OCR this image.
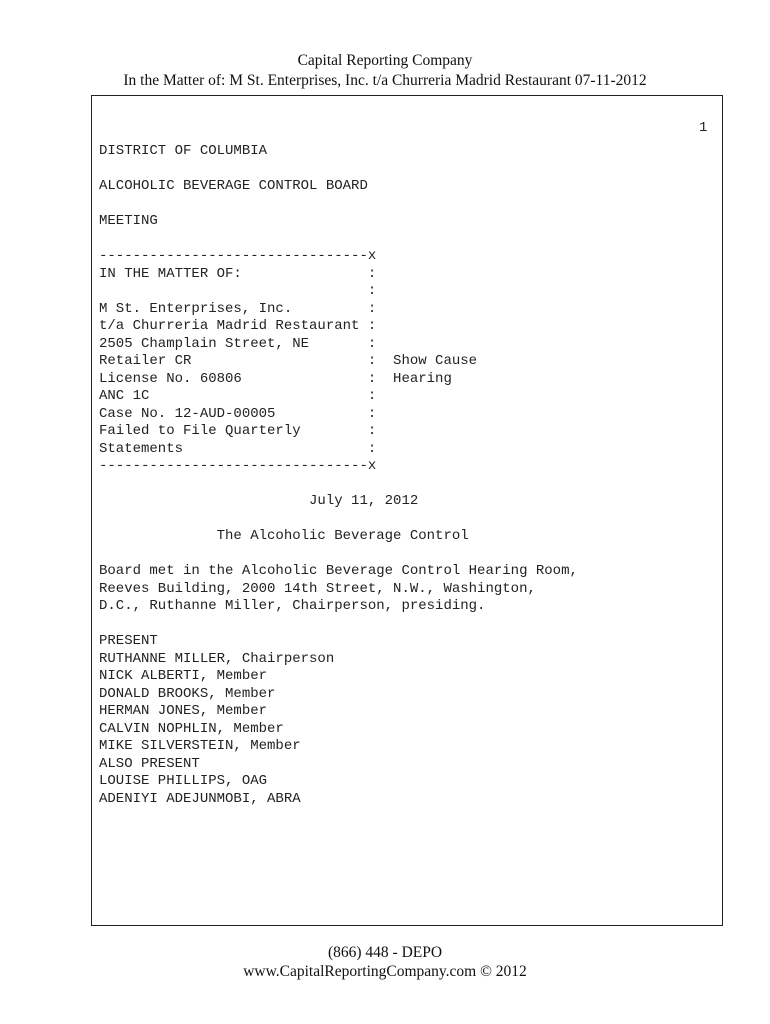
Capital Reporting Company
In the Matter of: M St. Enterprises, Inc. t/a Churreria Madrid Restaurant 07-11-2012
1
DISTRICT OF COLUMBIA
ALCOHOLIC BEVERAGE CONTROL BOARD
MEETING
--------------------------------x
IN THE MATTER OF:               :
:
M St. Enterprises, Inc.         :
t/a Churreria Madrid Restaurant :
2505 Champlain Street, NE       :
Retailer CR                     :  Show Cause
License No. 60806               :  Hearing
ANC 1C                          :
Case No. 12-AUD-00005           :
Failed to File Quarterly        :
Statements                      :
--------------------------------x
July 11, 2012
The Alcoholic Beverage Control
Board met in the Alcoholic Beverage Control Hearing Room,
Reeves Building, 2000 14th Street, N.W., Washington,
D.C., Ruthanne Miller, Chairperson, presiding.
PRESENT
RUTHANNE MILLER, Chairperson
NICK ALBERTI, Member
DONALD BROOKS, Member
HERMAN JONES, Member
CALVIN NOPHLIN, Member
MIKE SILVERSTEIN, Member
ALSO PRESENT
LOUISE PHILLIPS, OAG
ADENIYI ADEJUNMOBI, ABRA
(866) 448 - DEPO
www.CapitalReportingCompany.com © 2012
